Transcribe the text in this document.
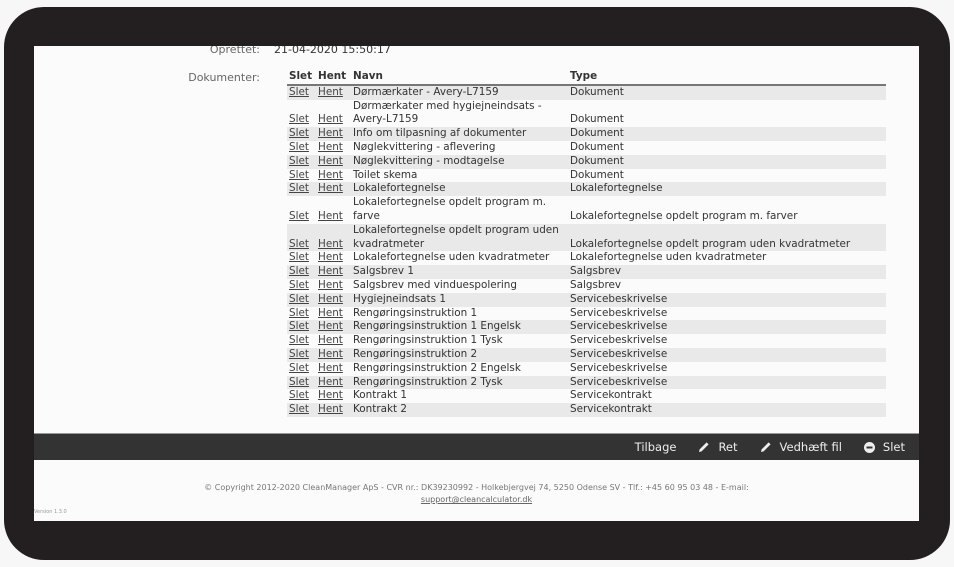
Oprettet:	21-04-2020 15:50:17
Dokumenter:	Slet	Hent	Navn	Type
Slet	Hent	Dørmærkater - Avery-L7159	Dokument
Slet	Hent	Dørmærkater med hygiejneindsats -
Avery-L7159	Dokument
Slet	Hent	Info om tilpasning af dokumenter	Dokument
Slet	Hent	Nøglekvittering - aflevering	Dokument
Slet	Hent	Nøglekvittering - modtagelse	Dokument
Slet	Hent	Toilet skema	Dokument
Slet	Hent	Lokalefortegnelse	Lokalefortegnelse
Slet	Hent	Lokalefortegnelse opdelt program m.
farve	Lokalefortegnelse opdelt program m. farver
Slet	Hent	Lokalefortegnelse opdelt program uden
kvadratmeter	Lokalefortegnelse opdelt program uden kvadratmeter
Slet	Hent	Lokalefortegnelse uden kvadratmeter	Lokalefortegnelse uden kvadratmeter
Slet	Hent	Salgsbrev 1	Salgsbrev
Slet	Hent	Salgsbrev med vinduespolering	Salgsbrev
Slet	Hent	Hygiejneindsats 1	Servicebeskrivelse
Slet	Hent	Rengøringsinstruktion 1	Servicebeskrivelse
Slet	Hent	Rengøringsinstruktion 1 Engelsk	Servicebeskrivelse
Slet	Hent	Rengøringsinstruktion 1 Tysk	Servicebeskrivelse
Slet	Hent	Rengøringsinstruktion 2	Servicebeskrivelse
Slet	Hent	Rengøringsinstruktion 2 Engelsk	Servicebeskrivelse
Slet	Hent	Rengøringsinstruktion 2 Tysk	Servicebeskrivelse
Slet	Hent	Kontrakt 1	Servicekontrakt
Slet	Hent	Kontrakt 2	Servicekontrakt
Tilbage	Ret	Vedhæft fil	Slet
© Copyright 2012-2020 CleanManager ApS - CVR nr.: DK39230992 - Holkebjergvej 74, 5250 Odense SV - Tlf.: +45 60 95 03 48 - E-mail:
support@cleancalculator.dk
Version 1.3.0
